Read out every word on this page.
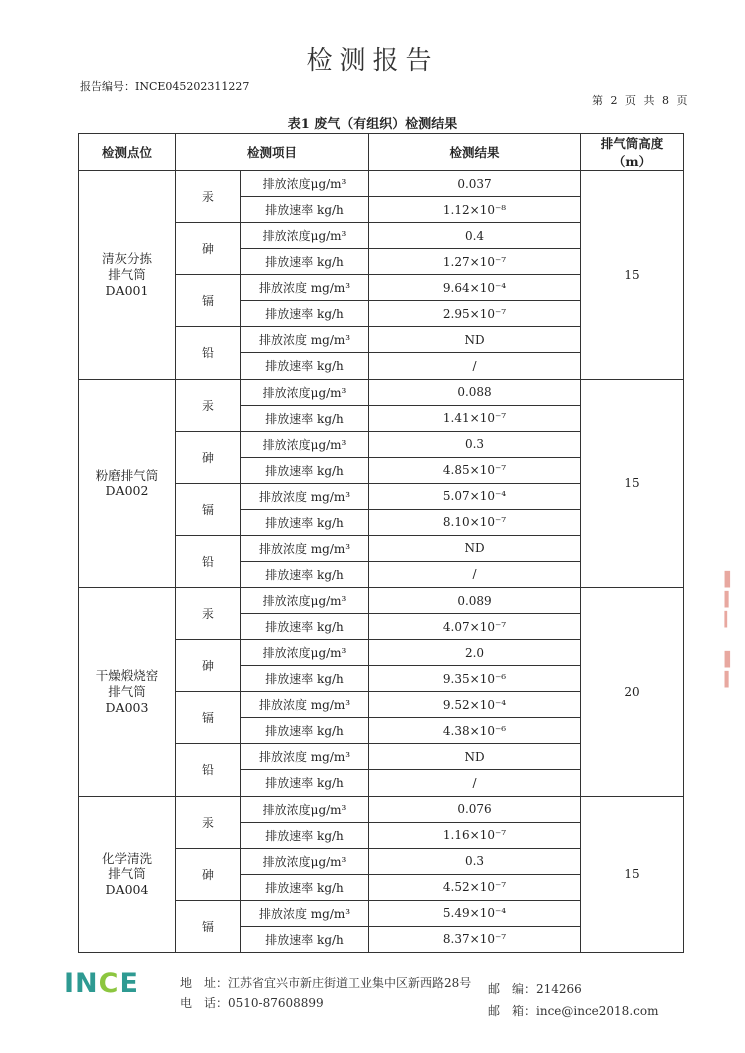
检测报告
报告编号：INCE045202311227
第 2 页 共 8 页
表1 废气（有组织）检测结果
检测点位	检测项目		检测结果	排气筒高度
（m）

清灰分拣
排气筒
DA001	汞	排放浓度μg/m³	0.037	15
		排放速率 kg/h	1.12×10⁻⁸	
	砷	排放浓度μg/m³	0.4	
		排放速率 kg/h	1.27×10⁻⁷	
	镉	排放浓度 mg/m³	9.64×10⁻⁴	
		排放速率 kg/h	2.95×10⁻⁷	
	铅	排放浓度 mg/m³	ND	
		排放速率 kg/h	/	

粉磨排气筒
DA002	汞	排放浓度μg/m³	0.088	15
		排放速率 kg/h	1.41×10⁻⁷	
	砷	排放浓度μg/m³	0.3	
		排放速率 kg/h	4.85×10⁻⁷	
	镉	排放浓度 mg/m³	5.07×10⁻⁴	
		排放速率 kg/h	8.10×10⁻⁷	
	铅	排放浓度 mg/m³	ND	
		排放速率 kg/h	/	

干燥煅烧窑
排气筒
DA003	汞	排放浓度μg/m³	0.089	20
		排放速率 kg/h	4.07×10⁻⁷	
	砷	排放浓度μg/m³	2.0	
		排放速率 kg/h	9.35×10⁻⁶	
	镉	排放浓度 mg/m³	9.52×10⁻⁴	
		排放速率 kg/h	4.38×10⁻⁶	
	铅	排放浓度 mg/m³	ND	
		排放速率 kg/h	/	

化学清洗
排气筒
DA004	汞	排放浓度μg/m³	0.076	15
		排放速率 kg/h	1.16×10⁻⁷	
	砷	排放浓度μg/m³	0.3	
		排放速率 kg/h	4.52×10⁻⁷	
	镉	排放浓度 mg/m³	5.49×10⁻⁴	
		排放速率 kg/h	8.37×10⁻⁷	
INCE	地　址：江苏省宜兴市新庄街道工业集中区新西路28号
电　话：0510-87608899
邮　编：214266
邮　箱：ince@ince2018.com
▌
▍
▎

▌
▍
